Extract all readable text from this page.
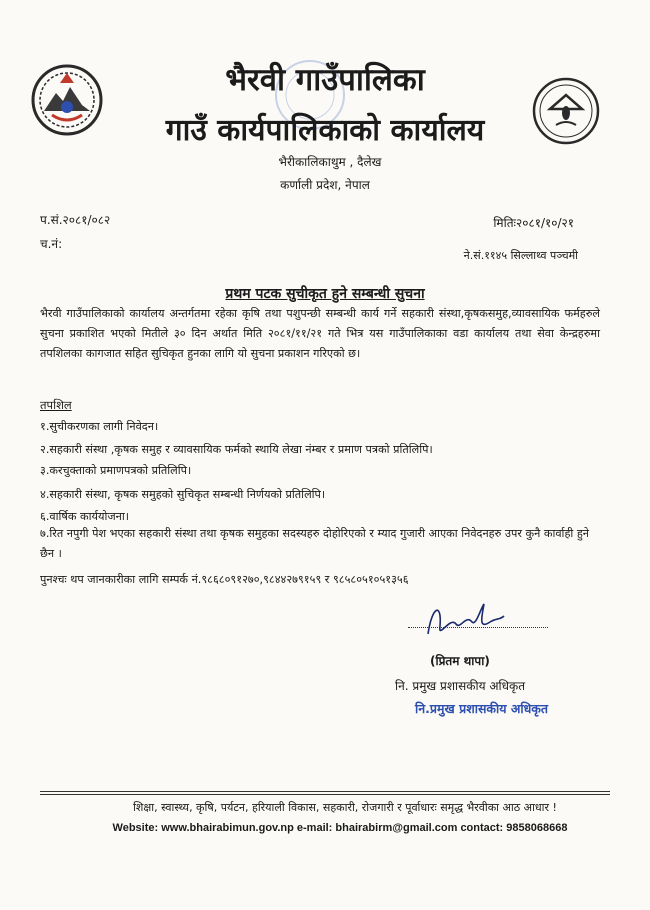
भैरवी गाउँपालिका
गाउँ कार्यपालिकाको कार्यालय
भैरीकालिकाथुम , दैलेख
कर्णाली प्रदेश, नेपाल
प.सं.२०८१/०८२
च.नं:
मितिः२०८१/१०/२१
ने.सं.११४५ सिल्लाथ्व पञ्चमी
प्रथम पटक सुचीकृत हुने सम्बन्धी सुचना
भैरवी गाउँपालिकाको कार्यालय अन्तर्गतमा रहेका कृषि तथा पशुपन्छी सम्बन्धी कार्य गर्ने सहकारी संस्था,कृषकसमुह,व्यावसायिक फर्महरुले सुचना प्रकाशित भएको मितीले ३० दिन अर्थात मिति २०८१/११/२१ गते भित्र यस गाउँपालिकाका वडा कार्यालय तथा सेवा केन्द्रहरुमा तपशिलका कागजात सहित सुचिकृत हुनका लागि यो सुचना प्रकाशन गरिएको छ।
तपशिल
१.सुचीकरणका लागी निवेदन।
२.सहकारी संस्था ,कृषक समुह र व्यावसायिक फर्मको स्थायि लेखा नंम्बर र प्रमाण पत्रको प्रतिलिपि।
३.करचुक्ताको प्रमाणपत्रको प्रतिलिपि।
४.सहकारी संस्था, कृषक समुहको सुचिकृत सम्बन्धी निर्णयको प्रतिलिपि।
६.वार्षिक कार्ययोजना।
७.रित नपुगी पेश भएका सहकारी संस्था तथा कृषक समुहका सदस्यहरु दोहोरिएको र म्याद गुजारी आएका निवेदनहरु उपर कुनै कार्वाही हुने छैन ।
पुनश्चः थप जानकारीका लागि सम्पर्क नं.९८६८०९१२७०,९८४४२७९१५९ र ९८५८०५१०५१३५६
(प्रितम थापा)
नि. प्रमुख प्रशासकीय अधिकृत
नि.प्रमुख प्रशासकीय अधिकृत
शिक्षा, स्वास्थ्य, कृषि, पर्यटन, हरियाली विकास, सहकारी, रोजगारी र पूर्वाधारः समृद्ध भैरवीका आठ आधार !
Website: www.bhairabimun.gov.np e-mail: bhairabirm@gmail.com contact: 9858068668
